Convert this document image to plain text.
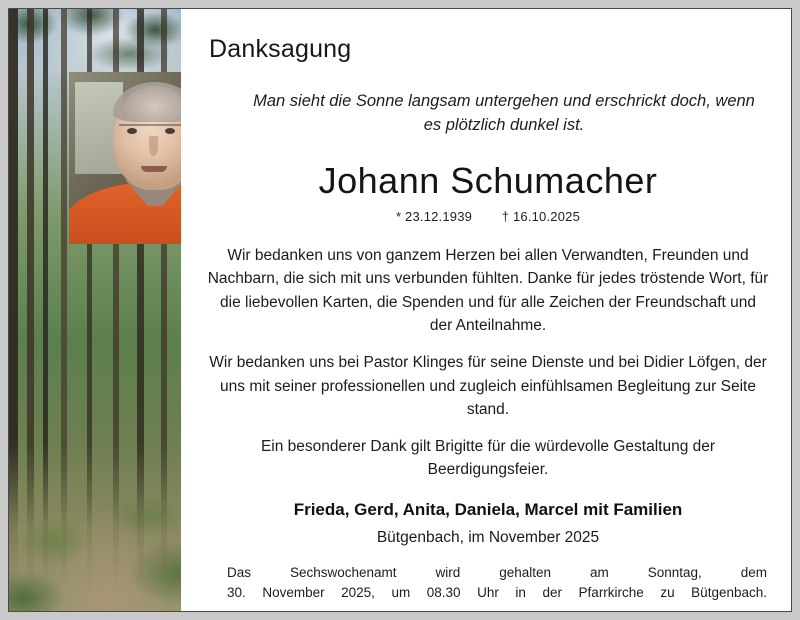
Danksagung
Man sieht die Sonne langsam untergehen und erschrickt doch, wenn es plötzlich dunkel ist.
Johann Schumacher
* 23.12.1939 † 16.10.2025

Wir bedanken uns von ganzem Herzen bei allen Verwandten, Freunden und Nachbarn, die sich mit uns verbunden fühlten. Danke für jedes tröstende Wort, für die liebevollen Karten, die Spenden und für alle Zeichen der Freundschaft und der Anteilnahme.

Wir bedanken uns bei Pastor Klinges für seine Dienste und bei Didier Löfgen, der uns mit seiner professionellen und zugleich einfühlsamen Begleitung zur Seite stand.

Ein besonderer Dank gilt Brigitte für die würdevolle Gestaltung der Beerdigungsfeier.

Frieda, Gerd, Anita, Daniela, Marcel mit Familien
Bütgenbach, im November 2025
Das Sechswochenamt wird gehalten am Sonntag, dem
30. November 2025, um 08.30 Uhr in der Pfarrkirche zu Bütgenbach.
